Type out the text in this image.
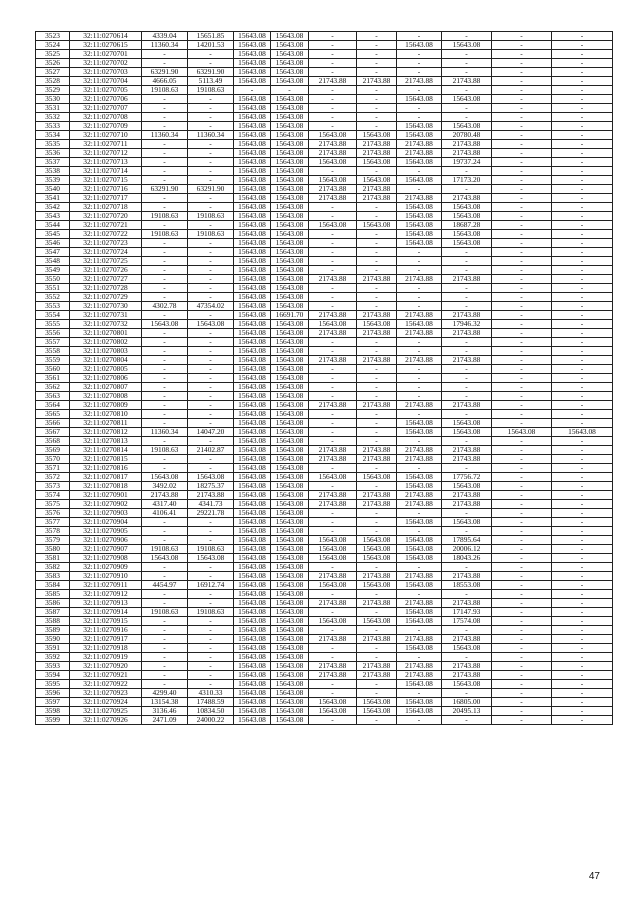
3523	32:11:0270614	4339.04	15651.85	15643.08	15643.08	-	-	-	-	-	-
3524	32:11:0270615	11360.34	14201.53	15643.08	15643.08	-	-	15643.08	15643.08	-	-
3525	32:11:0270701	-	-	15643.08	15643.08	-	-	-	-	-	-
3526	32:11:0270702	-	-	15643.08	15643.08	-	-	-	-	-	-
3527	32:11:0270703	63291.90	63291.90	15643.08	15643.08	-	-	-	-	-	-
3528	32:11:0270704	4666.05	5113.49	15643.08	15643.08	21743.88	21743.88	21743.88	21743.88	-	-
3529	32:11:0270705	19108.63	19108.63	-	-	-	-	-	-	-	-
3530	32:11:0270706	-	-	15643.08	15643.08	-	-	15643.08	15643.08	-	-
3531	32:11:0270707	-	-	15643.08	15643.08	-	-	-	-	-	-
3532	32:11:0270708	-	-	15643.08	15643.08	-	-	-	-	-	-
3533	32:11:0270709	-	-	15643.08	15643.08	-	-	15643.08	15643.08	-	-
3534	32:11:0270710	11360.34	11360.34	15643.08	15643.08	15643.08	15643.08	15643.08	20780.48	-	-
3535	32:11:0270711	-	-	15643.08	15643.08	21743.88	21743.88	21743.88	21743.88	-	-
3536	32:11:0270712	-	-	15643.08	15643.08	21743.88	21743.88	21743.88	21743.88	-	-
3537	32:11:0270713	-	-	15643.08	15643.08	15643.08	15643.08	15643.08	19737.24	-	-
3538	32:11:0270714	-	-	15643.08	15643.08	-	-	-	-	-	-
3539	32:11:0270715	-	-	15643.08	15643.08	15643.08	15643.08	15643.08	17173.20	-	-
3540	32:11:0270716	63291.90	63291.90	15643.08	15643.08	21743.88	21743.88	-	-	-	-
3541	32:11:0270717	-	-	15643.08	15643.08	21743.88	21743.88	21743.88	21743.88	-	-
3542	32:11:0270718	-	-	15643.08	15643.08	-	-	15643.08	15643.08	-	-
3543	32:11:0270720	19108.63	19108.63	15643.08	15643.08	-	-	15643.08	15643.08	-	-
3544	32:11:0270721	-	-	15643.08	15643.08	15643.08	15643.08	15643.08	18687.28	-	-
3545	32:11:0270722	19108.63	19108.63	15643.08	15643.08	-	-	15643.08	15643.08	-	-
3546	32:11:0270723	-	-	15643.08	15643.08	-	-	15643.08	15643.08	-	-
3547	32:11:0270724	-	-	15643.08	15643.08	-	-	-	-	-	-
3548	32:11:0270725	-	-	15643.08	15643.08	-	-	-	-	-	-
3549	32:11:0270726	-	-	15643.08	15643.08	-	-	-	-	-	-
3550	32:11:0270727	-	-	15643.08	15643.08	21743.88	21743.88	21743.88	21743.88	-	-
3551	32:11:0270728	-	-	15643.08	15643.08	-	-	-	-	-	-
3552	32:11:0270729	-	-	15643.08	15643.08	-	-	-	-	-	-
3553	32:11:0270730	4302.78	47354.02	15643.08	15643.08	-	-	-	-	-	-
3554	32:11:0270731	-	-	15643.08	16691.70	21743.88	21743.88	21743.88	21743.88	-	-
3555	32:11:0270732	15643.08	15643.08	15643.08	15643.08	15643.08	15643.08	15643.08	17946.32	-	-
3556	32:11:0270801	-	-	15643.08	15643.08	21743.88	21743.88	21743.88	21743.88	-	-
3557	32:11:0270802	-	-	15643.08	15643.08	-	-	-	-	-	-
3558	32:11:0270803	-	-	15643.08	15643.08	-	-	-	-	-	-
3559	32:11:0270804	-	-	15643.08	15643.08	21743.88	21743.88	21743.88	21743.88	-	-
3560	32:11:0270805	-	-	15643.08	15643.08	-	-	-	-	-	-
3561	32:11:0270806	-	-	15643.08	15643.08	-	-	-	-	-	-
3562	32:11:0270807	-	-	15643.08	15643.08	-	-	-	-	-	-
3563	32:11:0270808	-	-	15643.08	15643.08	-	-	-	-	-	-
3564	32:11:0270809	-	-	15643.08	15643.08	21743.88	21743.88	21743.88	21743.88	-	-
3565	32:11:0270810	-	-	15643.08	15643.08	-	-	-	-	-	-
3566	32:11:0270811	-	-	15643.08	15643.08	-	-	15643.08	15643.08	-	-
3567	32:11:0270812	11360.34	14047.20	15643.08	15643.08	-	-	15643.08	15643.08	15643.08	15643.08
3568	32:11:0270813	-	-	15643.08	15643.08	-	-	-	-	-	-
3569	32:11:0270814	19108.63	21402.87	15643.08	15643.08	21743.88	21743.88	21743.88	21743.88	-	-
3570	32:11:0270815	-	-	15643.08	15643.08	21743.88	21743.88	21743.88	21743.88	-	-
3571	32:11:0270816	-	-	15643.08	15643.08	-	-	-	-	-	-
3572	32:11:0270817	15643.08	15643.08	15643.08	15643.08	15643.08	15643.08	15643.08	17756.72	-	-
3573	32:11:0270818	3492.02	18275.37	15643.08	15643.08	-	-	15643.08	15643.08	-	-
3574	32:11:0270901	21743.88	21743.88	15643.08	15643.08	21743.88	21743.88	21743.88	21743.88	-	-
3575	32:11:0270902	4317.40	4341.73	15643.08	15643.08	21743.88	21743.88	21743.88	21743.88	-	-
3576	32:11:0270903	4106.41	29221.78	15643.08	15643.08	-	-	-	-	-	-
3577	32:11:0270904	-	-	15643.08	15643.08	-	-	15643.08	15643.08	-	-
3578	32:11:0270905	-	-	15643.08	15643.08	-	-	-	-	-	-
3579	32:11:0270906	-	-	15643.08	15643.08	15643.08	15643.08	15643.08	17895.64	-	-
3580	32:11:0270907	19108.63	19108.63	15643.08	15643.08	15643.08	15643.08	15643.08	20006.12	-	-
3581	32:11:0270908	15643.08	15643.08	15643.08	15643.08	15643.08	15643.08	15643.08	18043.26	-	-
3582	32:11:0270909	-	-	15643.08	15643.08	-	-	-	-	-	-
3583	32:11:0270910	-	-	15643.08	15643.08	21743.88	21743.88	21743.88	21743.88	-	-
3584	32:11:0270911	4454.97	16912.74	15643.08	15643.08	15643.08	15643.08	15643.08	18553.08	-	-
3585	32:11:0270912	-	-	15643.08	15643.08	-	-	-	-	-	-
3586	32:11:0270913	-	-	15643.08	15643.08	21743.88	21743.88	21743.88	21743.88	-	-
3587	32:11:0270914	19108.63	19108.63	15643.08	15643.08	-	-	15643.08	17147.93	-	-
3588	32:11:0270915	-	-	15643.08	15643.08	15643.08	15643.08	15643.08	17574.08	-	-
3589	32:11:0270916	-	-	15643.08	15643.08	-	-	-	-	-	-
3590	32:11:0270917	-	-	15643.08	15643.08	21743.88	21743.88	21743.88	21743.88	-	-
3591	32:11:0270918	-	-	15643.08	15643.08	-	-	15643.08	15643.08	-	-
3592	32:11:0270919	-	-	15643.08	15643.08	-	-	-	-	-	-
3593	32:11:0270920	-	-	15643.08	15643.08	21743.88	21743.88	21743.88	21743.88	-	-
3594	32:11:0270921	-	-	15643.08	15643.08	21743.88	21743.88	21743.88	21743.88	-	-
3595	32:11:0270922	-	-	15643.08	15643.08	-	-	15643.08	15643.08	-	-
3596	32:11:0270923	4299.40	4310.33	15643.08	15643.08	-	-	-	-	-	-
3597	32:11:0270924	13154.38	17488.59	15643.08	15643.08	15643.08	15643.08	15643.08	16805.00	-	-
3598	32:11:0270925	3136.46	10834.50	15643.08	15643.08	15643.08	15643.08	15643.08	20495.13	-	-
3599	32:11:0270926	2471.09	24000.22	15643.08	15643.08	-	-	-	-	-	-
47
